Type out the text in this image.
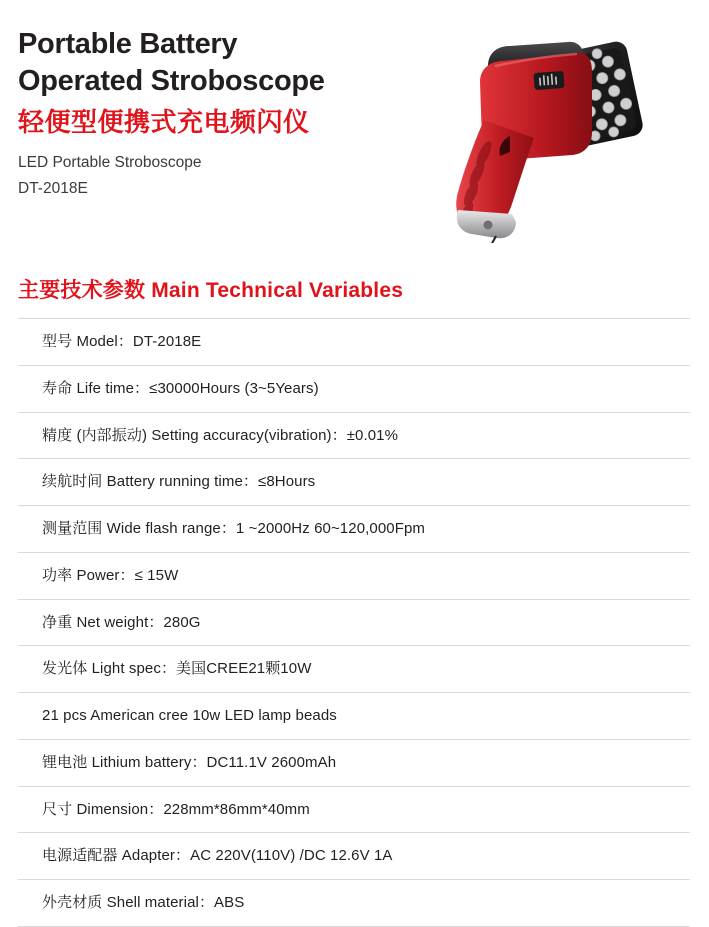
Portable Battery
Operated Stroboscope
轻便型便携式充电频闪仪
LED Portable Stroboscope
DT-2018E
主要技术参数 Main Technical Variables
型号 Model：DT-2018E
寿命 Life time：≤30000Hours (3~5Years)
精度 (内部振动) Setting accuracy(vibration)：±0.01%
续航时间 Battery running time：≤8Hours
测量范围 Wide flash range：1 ~2000Hz 60~120,000Fpm
功率 Power：≤ 15W
净重 Net weight：280G
发光体 Light spec：美国CREE21颗10W
21 pcs American cree 10w LED lamp beads
锂电池 Lithium battery：DC11.1V 2600mAh
尺寸 Dimension：228mm*86mm*40mm
电源适配器 Adapter：AC 220V(110V) /DC 12.6V 1A
外壳材质 Shell material：ABS
